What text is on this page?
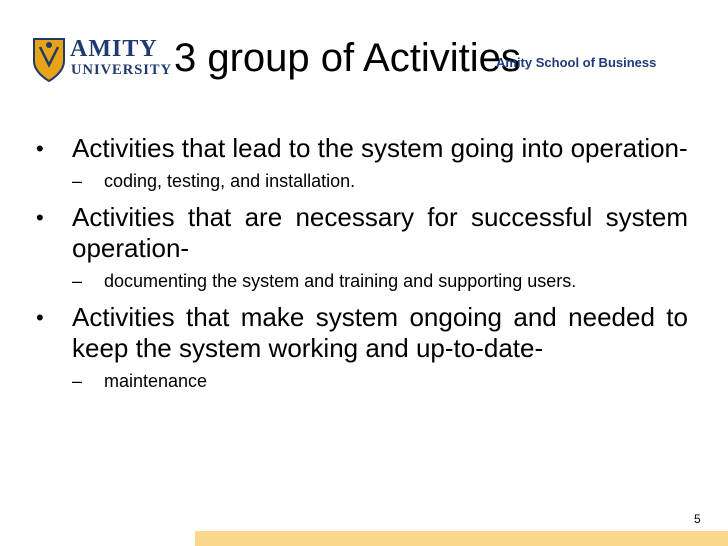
AMITY
UNIVERSITY 3 group of Activities
Amity School of Business

• Activities that lead to the system going into operation-

– coding, testing, and installation.

• Activities that are necessary for successful system operation-

– documenting the system and training and supporting users.

• Activities that make system ongoing and needed to keep the system working and up-to-date-

– maintenance
5
